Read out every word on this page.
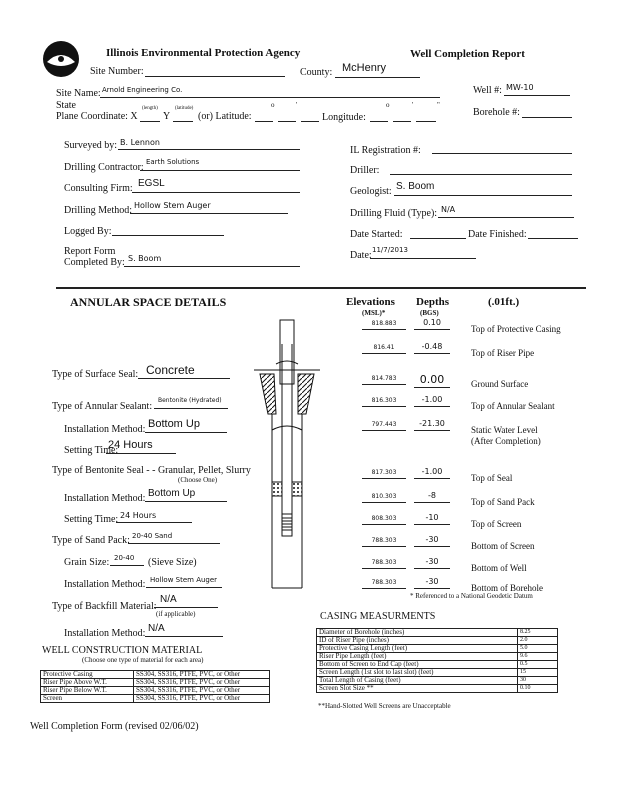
Illinois Environmental Protection Agency	Well Completion Report
Site Number:	County: McHenry
Site Name: Arnold Engineering Co.	Well #: MW-10
State
Plane Coordinate: X
(length)
Y
(latitude)
(or) Latitude:
o	'
Longitude:
o	'	"
Borehole #:
Surveyed by: B. Lennon
Drilling Contractor: Earth Solutions
Consulting Firm: EGSL
Drilling Method: Hollow Stem Auger
Logged By:
Report Form
Completed By: S. Boom
IL Registration #:
Driller:
Geologist: S. Boom
Drilling Fluid (Type): N/A
Date Started:	Date Finished:
Date: 11/7/2013
ANNULAR SPACE DETAILS	Elevations
(MSL)*
Depths
(BGS)
(.01ft.)
818.883	0.10
Top of Protective Casing
816.41	-0.48
Top of Riser Pipe
814.783	0.00	Ground Surface
816.303	-1.00
Top of Annular Sealant
797.443	-21.30
Static Water Level
(After Completion)
817.303	-1.00
Top of Seal
810.303	-8
Top of Sand Pack
808.303	-10
Top of Screen
788.303	-30
Bottom of Screen
788.303	-30
Bottom of Well
788.303	-30
Bottom of Borehole
* Referenced to a National Geodetic Datum
Type of Surface Seal: Concrete
Type of Annular Sealant:
Bentonite (Hydrated)
Installation Method: Bottom Up
Setting Time:
24 Hours
Type of Bentonite Seal - - Granular, Pellet, Slurry
(Choose One)
Installation Method: Bottom Up
Setting Time: 24 Hours
Type of Sand Pack: 20-40 Sand
Grain Size: 20-40 (Sieve Size)
Installation Method: Hollow Stem Auger
Type of Backfill Material:
N/A
(if applicable)
Installation Method: N/A
WELL CONSTRUCTION MATERIAL
(Choose one type of material for each area)
Protective Casing	SS304, SS316, PTFE, PVC, or Other
Riser Pipe Above W.T.	SS304, SS316, PTFE, PVC, or Other
Riser Pipe Below W.T.	SS304, SS316, PTFE, PVC, or Other
Screen	SS304, SS316, PTFE, PVC, or Other
CASING MEASURMENTS
Diameter of Borehole (inches)	8.25
ID of Riser Pipe (inches)	2.0
Protective Casing Length (feet)	5.0
Riser Pipe Length (feet)	9.6
Bottom of Screen to End Cap (feet)	0.5
Screen Length (1st slot to last slot) (feet)	15
Total Length of Casing (feet)	30
Screen Slot Size **	0.10
**Hand-Slotted Well Screens are Unacceptable
Well Completion Form (revised 02/06/02)
